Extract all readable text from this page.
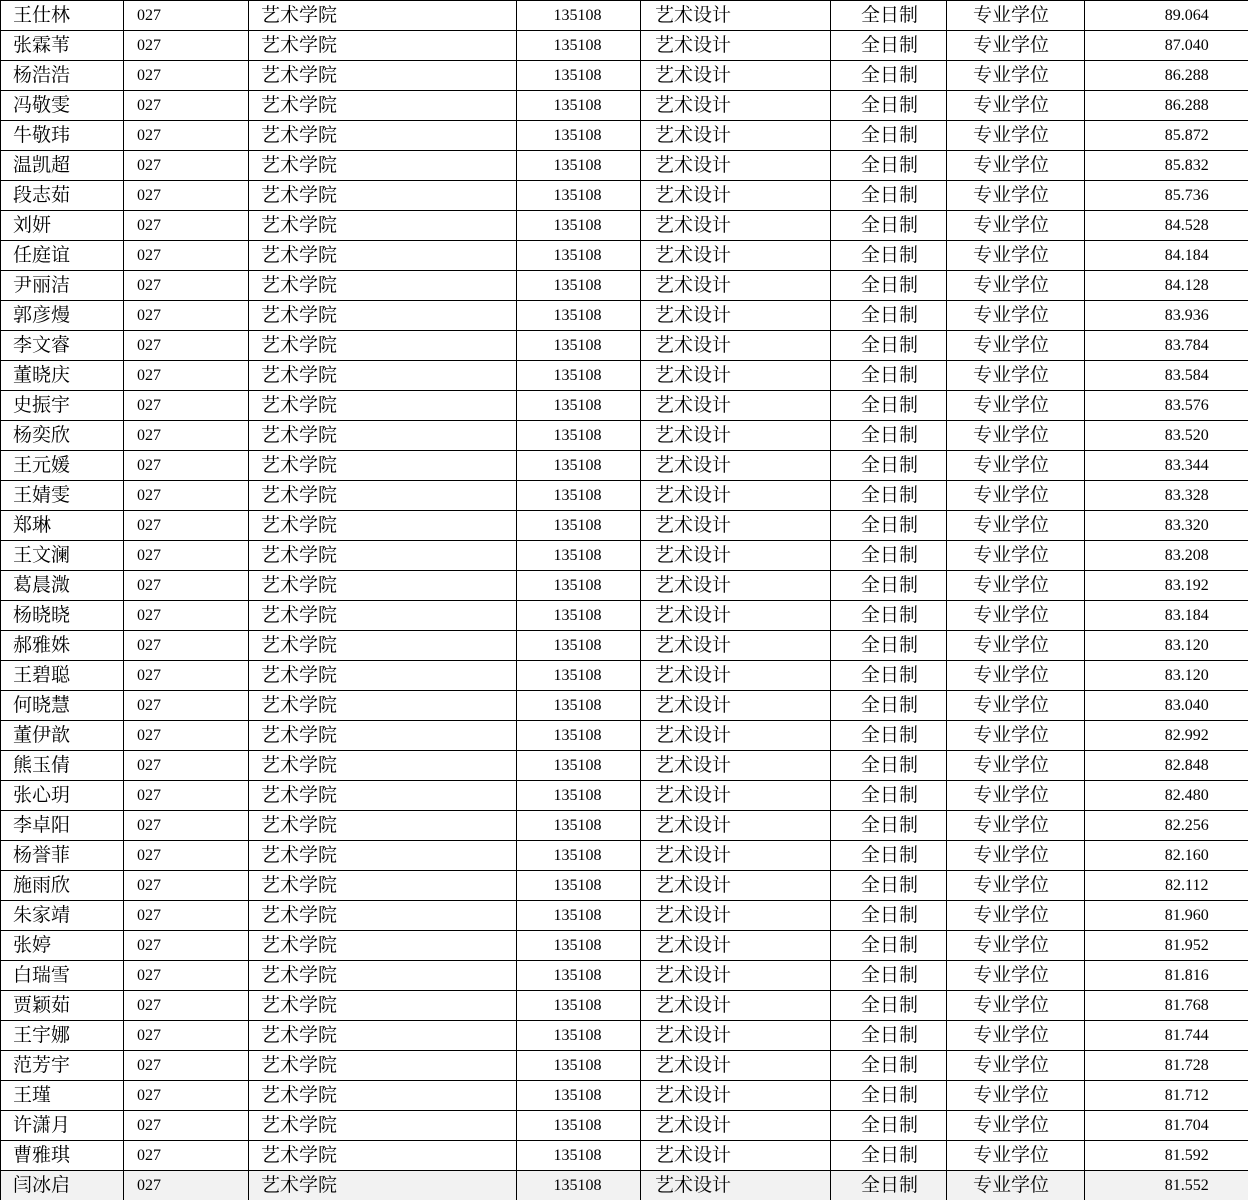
王仕林	027	艺术学院	135108	艺术设计	全日制	专业学位	89.064
张霖苇	027	艺术学院	135108	艺术设计	全日制	专业学位	87.040
杨浩浩	027	艺术学院	135108	艺术设计	全日制	专业学位	86.288
冯敬雯	027	艺术学院	135108	艺术设计	全日制	专业学位	86.288
牛敬玮	027	艺术学院	135108	艺术设计	全日制	专业学位	85.872
温凯超	027	艺术学院	135108	艺术设计	全日制	专业学位	85.832
段志茹	027	艺术学院	135108	艺术设计	全日制	专业学位	85.736
刘妍	027	艺术学院	135108	艺术设计	全日制	专业学位	84.528
任庭谊	027	艺术学院	135108	艺术设计	全日制	专业学位	84.184
尹丽洁	027	艺术学院	135108	艺术设计	全日制	专业学位	84.128
郭彦熳	027	艺术学院	135108	艺术设计	全日制	专业学位	83.936
李文睿	027	艺术学院	135108	艺术设计	全日制	专业学位	83.784
董晓庆	027	艺术学院	135108	艺术设计	全日制	专业学位	83.584
史振宇	027	艺术学院	135108	艺术设计	全日制	专业学位	83.576
杨奕欣	027	艺术学院	135108	艺术设计	全日制	专业学位	83.520
王元媛	027	艺术学院	135108	艺术设计	全日制	专业学位	83.344
王婧雯	027	艺术学院	135108	艺术设计	全日制	专业学位	83.328
郑琳	027	艺术学院	135108	艺术设计	全日制	专业学位	83.320
王文澜	027	艺术学院	135108	艺术设计	全日制	专业学位	83.208
葛晨溦	027	艺术学院	135108	艺术设计	全日制	专业学位	83.192
杨晓晓	027	艺术学院	135108	艺术设计	全日制	专业学位	83.184
郝雅姝	027	艺术学院	135108	艺术设计	全日制	专业学位	83.120
王碧聪	027	艺术学院	135108	艺术设计	全日制	专业学位	83.120
何晓慧	027	艺术学院	135108	艺术设计	全日制	专业学位	83.040
董伊歆	027	艺术学院	135108	艺术设计	全日制	专业学位	82.992
熊玉倩	027	艺术学院	135108	艺术设计	全日制	专业学位	82.848
张心玥	027	艺术学院	135108	艺术设计	全日制	专业学位	82.480
李卓阳	027	艺术学院	135108	艺术设计	全日制	专业学位	82.256
杨誉菲	027	艺术学院	135108	艺术设计	全日制	专业学位	82.160
施雨欣	027	艺术学院	135108	艺术设计	全日制	专业学位	82.112
朱家靖	027	艺术学院	135108	艺术设计	全日制	专业学位	81.960
张婷	027	艺术学院	135108	艺术设计	全日制	专业学位	81.952
白瑞雪	027	艺术学院	135108	艺术设计	全日制	专业学位	81.816
贾颖茹	027	艺术学院	135108	艺术设计	全日制	专业学位	81.768
王宇娜	027	艺术学院	135108	艺术设计	全日制	专业学位	81.744
范芳宇	027	艺术学院	135108	艺术设计	全日制	专业学位	81.728
王瑾	027	艺术学院	135108	艺术设计	全日制	专业学位	81.712
许潇月	027	艺术学院	135108	艺术设计	全日制	专业学位	81.704
曹雅琪	027	艺术学院	135108	艺术设计	全日制	专业学位	81.592
闫冰启	027	艺术学院	135108	艺术设计	全日制	专业学位	81.552
